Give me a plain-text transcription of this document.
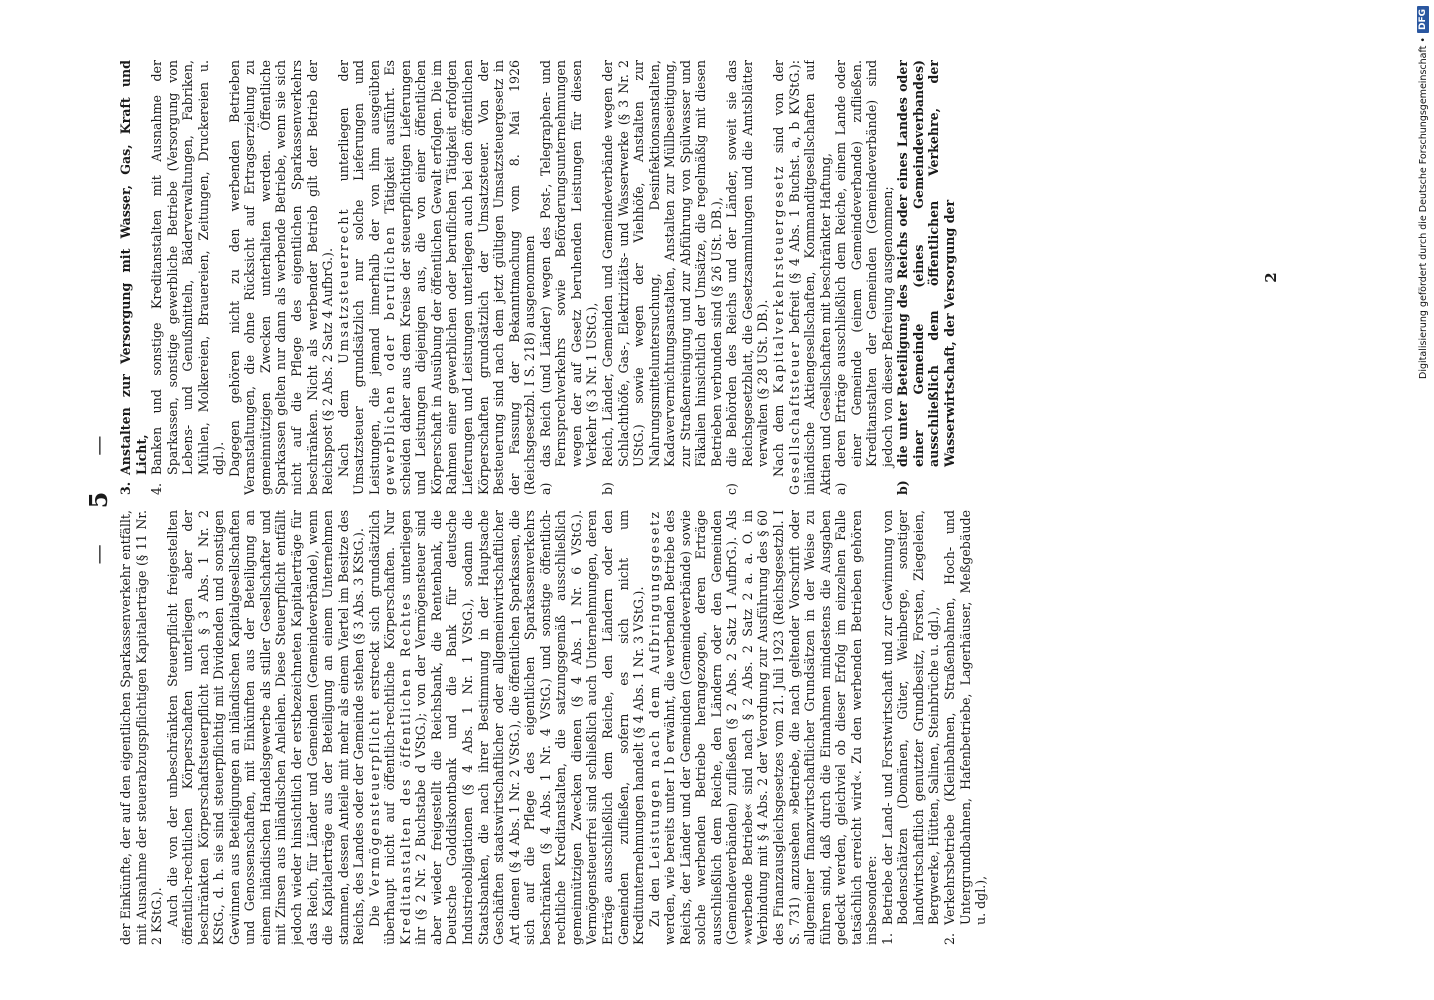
—
5
—

der Einkünfte, der auf den eigentlichen Sparkassenverkehr entfällt, mit Ausnahme der steuerabzugspflichtigen Kapitalerträge (§ 11 Nr. 2 KStG.). Auch die von der unbeschränkten Steuerpflicht freigestellten öffentlich-rechtlichen Körperschaften unterliegen aber der beschränkten Körperschaftsteuerpflicht nach § 3 Abs. 1 Nr. 2 KStG., d. h. sie sind steuerpflichtig mit Dividenden und sonstigen Gewinnen aus Beteiligungen an inländischen Kapitalgesellschaften und Genossenschaften, mit Einkünften aus der Beteiligung an einem inländischen Handelsgewerbe als stiller Gesellschafter und mit Zinsen aus inländischen Anleihen. Diese Steuerpflicht entfällt jedoch wieder hinsichtlich der erstbezeichneten Kapitalerträge für das Reich, für Länder und Gemeinden (Gemeindeverbände), wenn die Kapitalerträge aus der Beteiligung an einem Unternehmen stammen, dessen Anteile mit mehr als einem Viertel im Besitze des Reichs, des Landes oder der Gemeinde stehen (§ 3 Abs. 3 KStG.). Die Vermögensteuerpflicht erstreckt sich grundsätzlich überhaupt nicht auf öffentlich-rechtliche Körperschaften. Nur Kreditanstalten des öffentlichen Rechtes unterliegen ihr (§ 2 Nr. 2 Buchstabe d VStG.); von der Vermögensteuer sind aber wieder freigestellt die Reichsbank, die Rentenbank, die Deutsche Golddiskontbank und die Bank für deutsche Industrieobligationen (§ 4 Abs. 1 Nr. 1 VStG.), sodann die Staatsbanken, die nach ihrer Bestimmung in der Hauptsache Geschäften staatswirtschaftlicher oder allgemeinwirtschaftlicher Art dienen (§ 4 Abs. 1 Nr. 2 VStG.), die öffentlichen Sparkassen, die sich auf die Pflege des eigentlichen Sparkassenverkehrs beschränken (§ 4 Abs. 1 Nr. 4 VStG.) und sonstige öffentlich-rechtliche Kreditanstalten, die satzungsgemäß ausschließlich gemeinnützigen Zwecken dienen (§ 4 Abs. 1 Nr. 6 VStG.). Vermögensteuerfrei sind schließlich auch Unternehmungen, deren Erträge ausschließlich dem Reiche, den Ländern oder den Gemeinden zufließen, sofern es sich nicht um Kreditunternehmungen handelt (§ 4 Abs. 1 Nr. 3 VStG.). Zu den Leistungen nach dem Aufbringungsgesetz werden, wie bereits unter I b erwähnt, die werbenden Betriebe des Reichs, der Länder und der Gemeinden (Gemeindeverbände) sowie solche werbenden Betriebe herangezogen, deren Erträge ausschließlich dem Reiche, den Ländern oder den Gemeinden (Gemeindeverbänden) zufließen (§ 2 Abs. 2 Satz 1 AufbrG.). Als »werbende Betriebe« sind nach § 2 Abs. 2 Satz 2 a. a. O. in Verbindung mit § 4 Abs. 2 der Verordnung zur Ausführung des § 60 des Finanzausgleichsgesetzes vom 21. Juli 1923 (Reichsgesetzbl. I S. 731) anzusehen »Betriebe, die nach geltender Vorschrift oder allgemeiner finanzwirtschaftlicher Grundsätzen in der Weise zu führen sind, daß durch die Einnahmen mindestens die Ausgaben gedeckt werden, gleichviel ob dieser Erfolg im einzelnen Falle tatsächlich erreicht wird«. Zu den werbenden Betrieben gehören insbesondere: 1.
Betriebe der Land- und Forstwirtschaft und zur Gewinnung von Bodenschätzen (Domänen, Güter, Weinberge, sonstiger landwirtschaftlich genutzter Grundbesitz, Forsten, Ziegeleien, Bergwerke, Hütten, Salinen, Steinbrüche u. dgl.),
2.
Verkehrsbetriebe (Kleinbahnen, Straßenbahnen, Hoch- und Untergrundbahnen, Hafenbetriebe, Lagerhäuser, Meßgebäude u. dgl.),
3.
Anstalten zur Versorgung mit Wasser, Gas, Kraft und Licht,
4.
Banken und sonstige Kreditanstalten mit Ausnahme der Sparkassen, sonstige gewerbliche Betriebe (Versorgung von Lebens- und Genußmitteln, Bäderverwaltungen, Fabriken, Mühlen, Molkereien, Brauereien, Zeitungen, Druckereien u. dgl.). Dagegen gehören nicht zu den werbenden Betrieben Veranstaltungen, die ohne Rücksicht auf Ertragserzielung zu gemeinnützigen Zwecken unterhalten werden. Öffentliche Sparkassen gelten nur dann als werbende Betriebe, wenn sie sich nicht auf die Pflege des eigentlichen Sparkassenverkehrs beschränken. Nicht als werbender Betrieb gilt der Betrieb der Reichspost (§ 2 Abs. 2 Satz 4 AufbrG.). Nach dem Umsatzsteuerrecht unterliegen der Umsatzsteuer grundsätzlich nur solche Lieferungen und Leistungen, die jemand innerhalb der von ihm ausgeübten gewerblichen oder beruflichen Tätigkeit ausführt. Es scheiden daher aus dem Kreise der steuerpflichtigen Lieferungen und Leistungen diejenigen aus, die von einer öffentlichen Körperschaft in Ausübung der öffentlichen Gewalt erfolgen. Die im Rahmen einer gewerblichen oder beruflichen Tätigkeit erfolgten Lieferungen und Leistungen unterliegen auch bei den öffentlichen Körperschaften grundsätzlich der Umsatzsteuer. Von der Besteuerung sind nach dem jetzt gültigen Umsatzsteuergesetz in der Fassung der Bekanntmachung vom 8. Mai 1926 (Reichsgesetzbl. I S. 218) ausgenommen a)
das Reich (und Länder) wegen des Post-, Telegraphen- und Fernsprechverkehrs sowie Beförderungsunternehmungen wegen der auf Gesetz beruhenden Leistungen für diesen Verkehr (§ 3 Nr. 1 UStG.),
b)
Reich, Länder, Gemeinden und Gemeindeverbände wegen der Schlachthöfe, Gas-, Elektrizitäts- und Wasserwerke (§ 3 Nr. 2 UStG.) sowie wegen der Viehhöfe, Anstalten zur Nahrungsmitteluntersuchung, Desinfektionsanstalten, Kadaververnichtungsanstalten, Anstalten zur Müllbeseitigung, zur Straßenreinigung und zur Abführung von Spülwasser und Fäkalien hinsichtlich der Umsätze, die regelmäßig mit diesen Betrieben verbunden sind (§ 26 USt. DB.),
c)
die Behörden des Reichs und der Länder, soweit sie das Reichsgesetzblatt, die Gesetzsammlungen und die Amtsblätter verwalten (§ 28 USt. DB.). Nach dem Kapitalverkehrsteuergesetz sind von der Gesellschaftsteuer befreit (§ 4 Abs. 1 Buchst. a, b KVStG.): inländische Aktiengesellschaften, Kommanditgesellschaften auf Aktien und Gesellschaften mit beschränkter Haftung, a)
deren Erträge ausschließlich dem Reiche, einem Lande oder einer Gemeinde (einem Gemeindeverbande) zufließen. Kreditanstalten der Gemeinden (Gemeindeverbände) sind jedoch von dieser Befreiung ausgenommen;
b)
die unter Beteiligung des Reichs oder eines Landes oder einer Gemeinde (eines Gemeindeverbandes) ausschließlich dem öffentlichen Verkehre, der Wasserwirtschaft, der Versorgung der	2	Digitalisierung gefördert durch die Deutsche Forschungsgemeinschaft •
DFG
